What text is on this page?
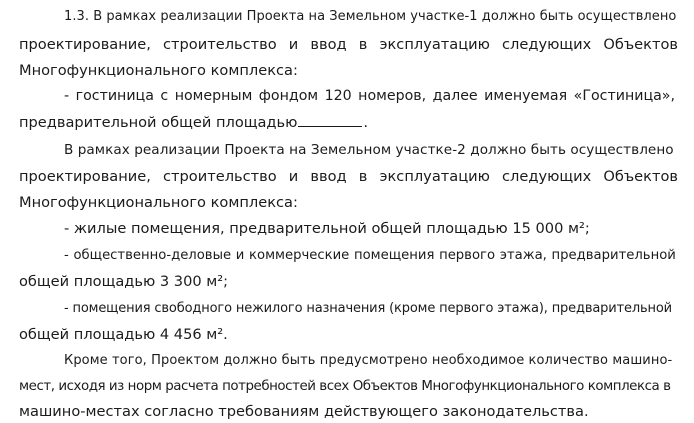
1.3. В рамках реализации Проекта на Земельном участке-1 должно быть осуществлено
проектирование, строительство и ввод в эксплуатацию следующих Объектов
Многофункционального комплекса:
- гостиница с номерным фондом 120 номеров, далее именуемая «Гостиница»,
предварительной общей площадью	.
В рамках реализации Проекта на Земельном участке-2 должно быть осуществлено
проектирование, строительство и ввод в эксплуатацию следующих Объектов
Многофункционального комплекса:
- жилые помещения, предварительной общей площадью 15 000 м²;
- общественно-деловые и коммерческие помещения первого этажа, предварительной
общей площадью 3 300 м²;
- помещения свободного нежилого назначения (кроме первого этажа), предварительной
общей площадью 4 456 м².
Кроме того, Проектом должно быть предусмотрено необходимое количество машино-
мест, исходя из норм расчета потребностей всех Объектов Многофункционального комплекса в
машино-местах согласно требованиям действующего законодательства.
